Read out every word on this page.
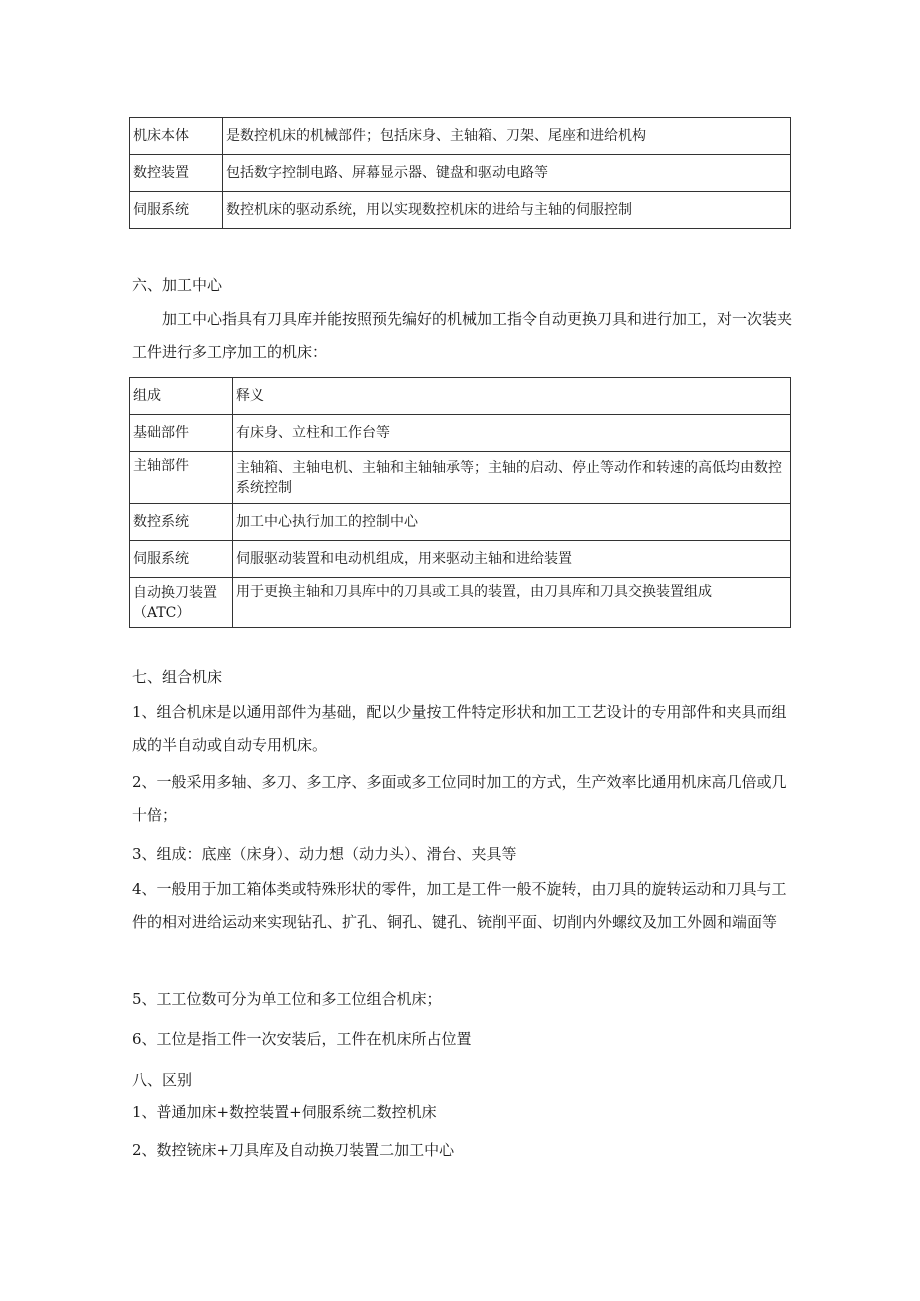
机床本体	是数控机床的机械部件；包括床身、主轴箱、刀架、尾座和进给机构
数控装置	包括数字控制电路、屏幕显示器、键盘和驱动电路等
伺服系统	数控机床的驱动系统，用以实现数控机床的进给与主轴的伺服控制
六、加工中心
加工中心指具有刀具库并能按照预先编好的机械加工指令自动更换刀具和进行加工，对一次装夹工件进行多工序加工的机床：
组成	释义
基础部件	有床身、立柱和工作台等
主轴部件	主轴箱、主轴电机、主轴和主轴轴承等；主轴的启动、停止等动作和转速的高低均由数控系统控制
数控系统	加工中心执行加工的控制中心
伺服系统	伺服驱动装置和电动机组成，用来驱动主轴和进给装置
自动换刀装置（ATC）	用于更换主轴和刀具库中的刀具或工具的装置，由刀具库和刀具交换装置组成
七、组合机床
1、组合机床是以通用部件为基础，配以少量按工件特定形状和加工工艺设计的专用部件和夹具而组成的半自动或自动专用机床。
2、一般采用多轴、多刀、多工序、多面或多工位同时加工的方式，生产效率比通用机床高几倍或几十倍；
3、组成：底座（床身）、动力想（动力头）、滑台、夹具等
4、一般用于加工箱体类或特殊形状的零件，加工是工件一般不旋转，由刀具的旋转运动和刀具与工件的相对进给运动来实现钻孔、扩孔、铜孔、键孔、铳削平面、切削内外螺纹及加工外圆和端面等
5、工工位数可分为单工位和多工位组合机床；
6、工位是指工件一次安装后，工件在机床所占位置
八、区别
1、普通加床+数控装置+伺服系统二数控机床
2、数控铳床+刀具库及自动换刀装置二加工中心
